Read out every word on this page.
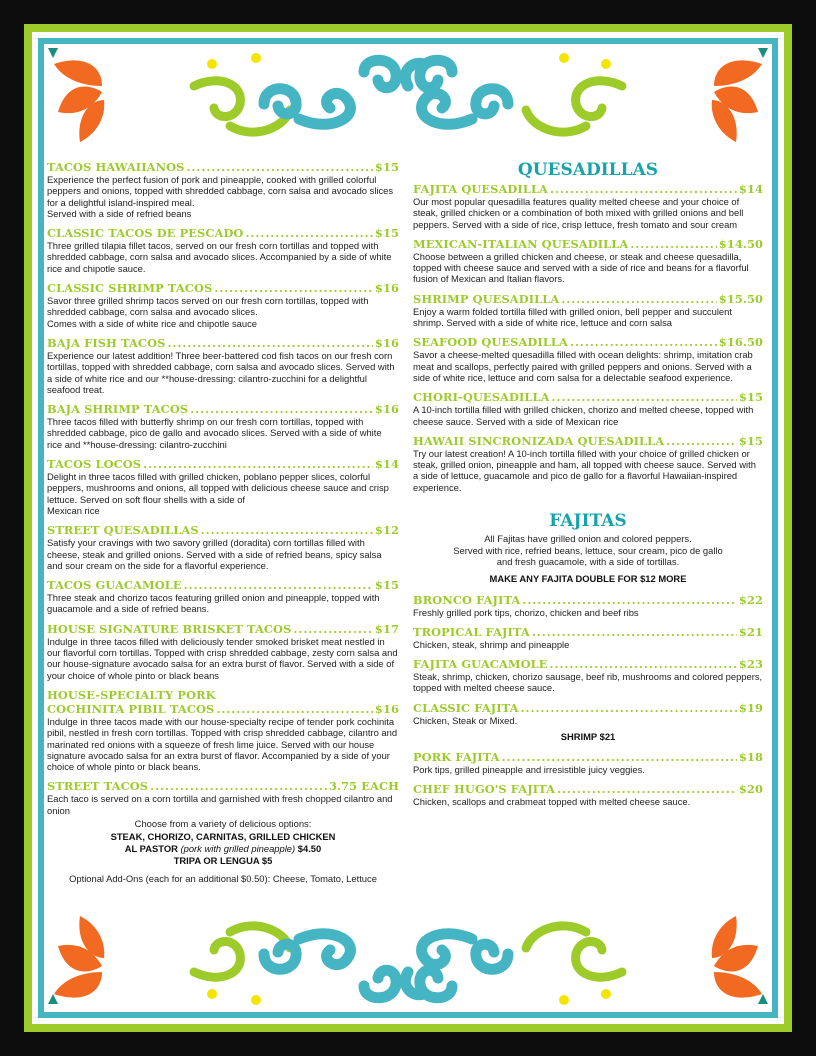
TACOS HAWAIIANOS .....	$15
Experience the perfect fusion of pork and pineapple, cooked with grilled colorful peppers and onions, topped with shredded cabbage, corn salsa and avocado slices for a delightful island-inspired meal.
Served with a side of refried beans
CLASSIC TACOS DE PESCADO .....	$15
Three grilled tilapia fillet tacos, served on our fresh corn tortillas and topped with shredded cabbage, corn salsa and avocado slices. Accompanied by a side of white rice and chipotle sauce.
CLASSIC SHRIMP TACOS .....	$16
Savor three grilled shrimp tacos served on our fresh corn tortillas, topped with shredded cabbage, corn salsa and avocado slices.
Comes with a side of white rice and chipotle sauce
BAJA FISH TACOS .....	$16
Experience our latest addition! Three beer-battered cod fish tacos on our fresh corn tortillas, topped with shredded cabbage, corn salsa and avocado slices. Served with a side of white rice and our **house-dressing: cilantro-zucchini for a delightful seafood treat.
BAJA SHRIMP TACOS .....	$16
Three tacos filled with butterfly shrimp on our fresh corn tortillas, topped with shredded cabbage, pico de gallo and avocado slices. Served with a side of white rice and **house-dressing: cilantro-zucchini
TACOS LOCOS .....	$14
Delight in three tacos filled with grilled chicken, poblano pepper slices, colorful peppers, mushrooms and onions, all topped with delicious cheese sauce and crisp lettuce. Served on soft flour shells with a side of
Mexican rice
STREET QUESADILLAS .....	$12
Satisfy your cravings with two savory grilled (doradita) corn tortillas filled with cheese, steak and grilled onions. Served with a side of refried beans, spicy salsa and sour cream on the side for a flavorful experience.
TACOS GUACAMOLE .....	$15
Three steak and chorizo tacos featuring grilled onion and pineapple, topped with guacamole and a side of refried beans.
HOUSE SIGNATURE BRISKET TACOS .....	$17
Indulge in three tacos filled with deliciously tender smoked brisket meat nestled in our flavorful corn tortillas. Topped with crisp shredded cabbage, zesty corn salsa and our house-signature avocado salsa for an extra burst of flavor. Served with a side of your choice of whole pinto or black beans
HOUSE-SPECIALTY PORK
COCHINITA PIBIL TACOS .....	$16
Indulge in three tacos made with our house-specialty recipe of tender pork cochinita pibil, nestled in fresh corn tortillas. Topped with crisp shredded cabbage, cilantro and marinated red onions with a squeeze of fresh lime juice. Served with our house signature avocado salsa for an extra burst of flavor. Accompanied by a side of your choice of whole pinto or black beans.
STREET TACOS .....	3.75 EACH
Each taco is served on a corn tortilla and garnished with fresh chopped cilantro and onion
Choose from a variety of delicious options:
STEAK, CHORIZO, CARNITAS, GRILLED CHICKEN
AL PASTOR (pork with grilled pineapple) $4.50
TRIPA OR LENGUA $5
Optional Add-Ons (each for an additional $0.50): Cheese, Tomato, Lettuce
QUESADILLAS
FAJITA QUESADILLA .....	$14
Our most popular quesadilla features quality melted cheese and your choice of steak, grilled chicken or a combination of both mixed with grilled onions and bell peppers. Served with a side of rice, crisp lettuce, fresh tomato and sour cream
MEXICAN-ITALIAN QUESADILLA .....	$14.50
Choose between a grilled chicken and cheese, or steak and cheese quesadilla, topped with cheese sauce and served with a side of rice and beans for a flavorful fusion of Mexican and Italian flavors.
SHRIMP QUESADILLA .....	$15.50
Enjoy a warm folded tortilla filled with grilled onion, bell pepper and succulent shrimp. Served with a side of white rice, lettuce and corn salsa
SEAFOOD QUESADILLA .....	$16.50
Savor a cheese-melted quesadilla filled with ocean delights: shrimp, imitation crab meat and scallops, perfectly paired with grilled peppers and onions. Served with a side of white rice, lettuce and corn salsa for a delectable seafood experience.
CHORI-QUESADILLA .....	$15
A 10-inch tortilla filled with grilled chicken, chorizo and melted cheese, topped with cheese sauce. Served with a side of Mexican rice
HAWAII SINCRONIZADA QUESADILLA .....	$15
Try our latest creation! A 10-inch tortilla filled with your choice of grilled chicken or steak, grilled onion, pineapple and ham, all topped with cheese sauce. Served with a side of lettuce, guacamole and pico de gallo for a flavorful Hawaiian-inspired experience.
FAJITAS
All Fajitas have grilled onion and colored peppers.
Served with rice, refried beans, lettuce, sour cream, pico de gallo
and fresh guacamole, with a side of tortillas.
MAKE ANY FAJITA DOUBLE FOR $12 MORE
BRONCO FAJITA .....	$22
Freshly grilled pork tips, chorizo, chicken and beef ribs
TROPICAL FAJITA .....	$21
Chicken, steak, shrimp and pineapple
FAJITA GUACAMOLE .....	$23
Steak, shrimp, chicken, chorizo sausage, beef rib, mushrooms and colored peppers, topped with melted cheese sauce.
CLASSIC FAJITA .....	$19
Chicken, Steak or Mixed.
SHRIMP $21
PORK FAJITA .....	$18
Pork tips, grilled pineapple and irresistible juicy veggies.
CHEF HUGO'S FAJITA .....	$20
Chicken, scallops and crabmeat topped with melted cheese sauce.
